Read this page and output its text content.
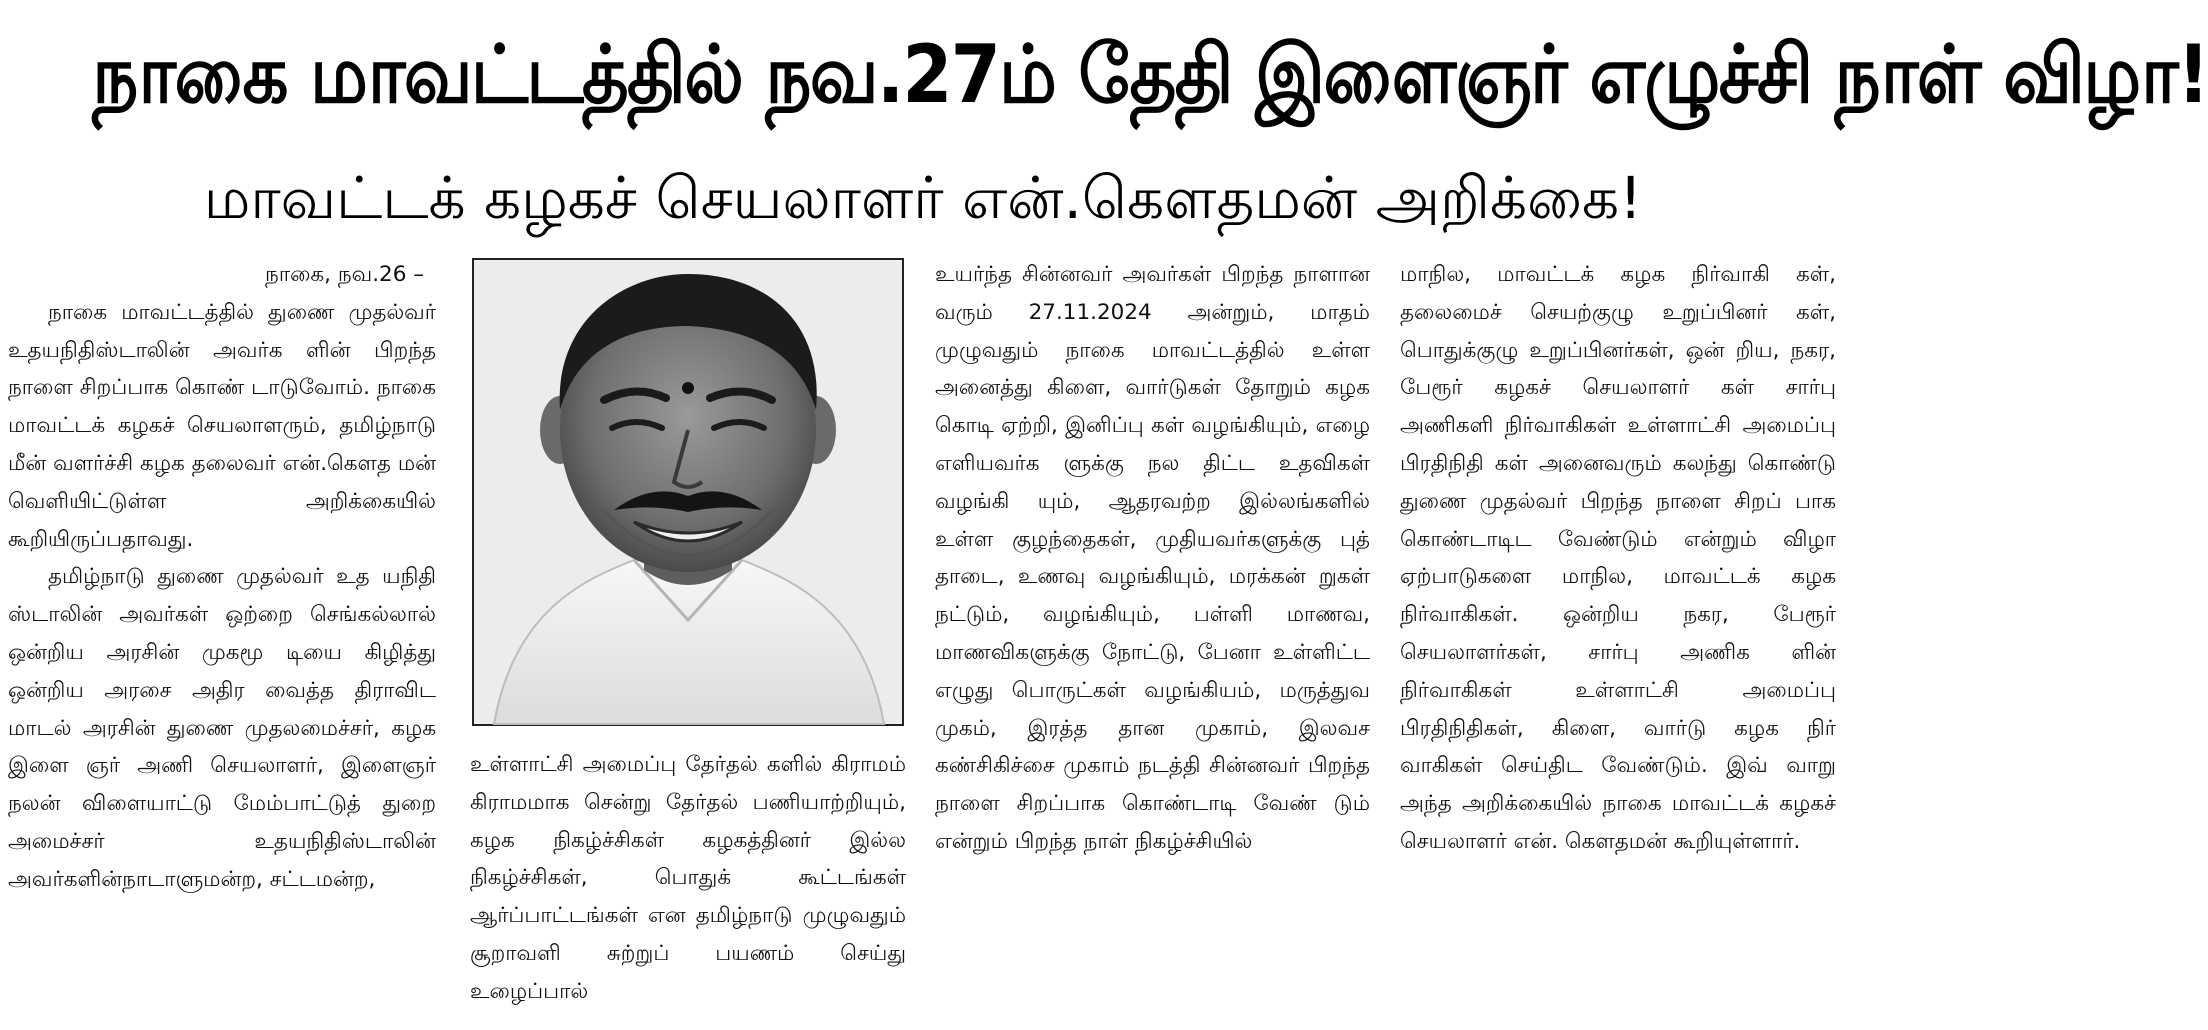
நாகை மாவட்டத்தில் நவ.27ம் தேதி இளைஞர் எழுச்சி நாள் விழா!
மாவட்டக் கழகச் செயலாளர் என்.கௌதமன் அறிக்கை!

நாகை, நவ.26 –

நாகை மாவட்டத்தில் துணை முதல்வர் உதயநிதிஸ்டாலின் அவர்க ளின் பிறந்த நாளை சிறப்பாக கொண் டாடுவோம். நாகை மாவட்டக் கழகச் செயலாளரும், தமிழ்நாடு மீன் வளர்ச்சி கழக தலைவர் என்.கௌத மன் வெளியிட்டுள்ள அறிக்கையில் கூறியிருப்பதாவது.

தமிழ்நாடு துணை முதல்வர் உத யநிதி ஸ்டாலின் அவர்கள் ஒற்றை செங்கல்லால் ஒன்றிய அரசின் முகமூ டியை கிழித்து ஒன்றிய அரசை அதிர வைத்த திராவிட மாடல் அரசின் துணை முதலமைச்சர், கழக இளை ஞர் அணி செயலாளர், இளைஞர் நலன் விளையாட்டு மேம்பாட்டுத் துறை அமைச்சர் உதயநிதிஸ்டாலின் அவர்களின்நாடாளுமன்ற, சட்டமன்ற,

உள்ளாட்சி அமைப்பு தேர்தல் களில் கிராமம் கிராமமாக சென்று தேர்தல் பணியாற்றியும், கழக நிகழ்ச்சிகள் கழகத்தினர் இல்ல நிகழ்ச்சிகள், பொதுக் கூட்டங்கள் ஆர்ப்பாட்டங்கள் என தமிழ்நாடு முழுவதும் சூறாவளி சுற்றுப் பயணம் செய்து உழைப்பால்

உயர்ந்த சின்னவர் அவர்கள் பிறந்த நாளான வரும் 27.11.2024 அன்றும், மாதம் முழுவதும் நாகை மாவட்டத்தில் உள்ள அனைத்து கிளை, வார்டுகள் தோறும் கழக கொடி ஏற்றி, இனிப்பு கள் வழங்கியும், எழை எளியவர்க ளுக்கு நல திட்ட உதவிகள் வழங்கி யும், ஆதரவற்ற இல்லங்களில் உள்ள குழந்தைகள், முதியவர்களுக்கு புத் தாடை, உணவு வழங்கியும், மரக்கன் றுகள் நட்டும், வழங்கியும், பள்ளி மாணவ, மாணவிகளுக்கு நோட்டு, பேனா உள்ளிட்ட எழுது பொருட்கள் வழங்கியம், மருத்துவ முகம், இரத்த தான முகாம், இலவச கண்சிகிச்சை முகாம் நடத்தி சின்னவர் பிறந்த நாளை சிறப்பாக கொண்டாடி வேண் டும் என்றும் பிறந்த நாள் நிகழ்ச்சியில்

மாநில, மாவட்டக் கழக நிர்வாகி கள், தலைமைச் செயற்குழு உறுப்பினர் கள், பொதுக்குழு உறுப்பினர்கள், ஒன் றிய, நகர, பேரூர் கழகச் செயலாளர் கள் சார்பு அணிகளி நிர்வாகிகள் உள்ளாட்சி அமைப்பு பிரதிநிதி கள் அனைவரும் கலந்து கொண்டு துணை முதல்வர் பிறந்த நாளை சிறப் பாக கொண்டாடிட வேண்டும் என்றும் விழா ஏற்பாடுகளை மாநில, மாவட்டக் கழக நிர்வாகிகள். ஒன்றிய நகர, பேரூர் செயலாளர்கள், சார்பு அணிக ளின் நிர்வாகிகள் உள்ளாட்சி அமைப்பு பிரதிநிதிகள், கிளை, வார்டு கழக நிர் வாகிகள் செய்திட வேண்டும். இவ் வாறு அந்த அறிக்கையில் நாகை மாவட்டக் கழகச் செயலாளர் என். கௌதமன் கூறியுள்ளார்.
